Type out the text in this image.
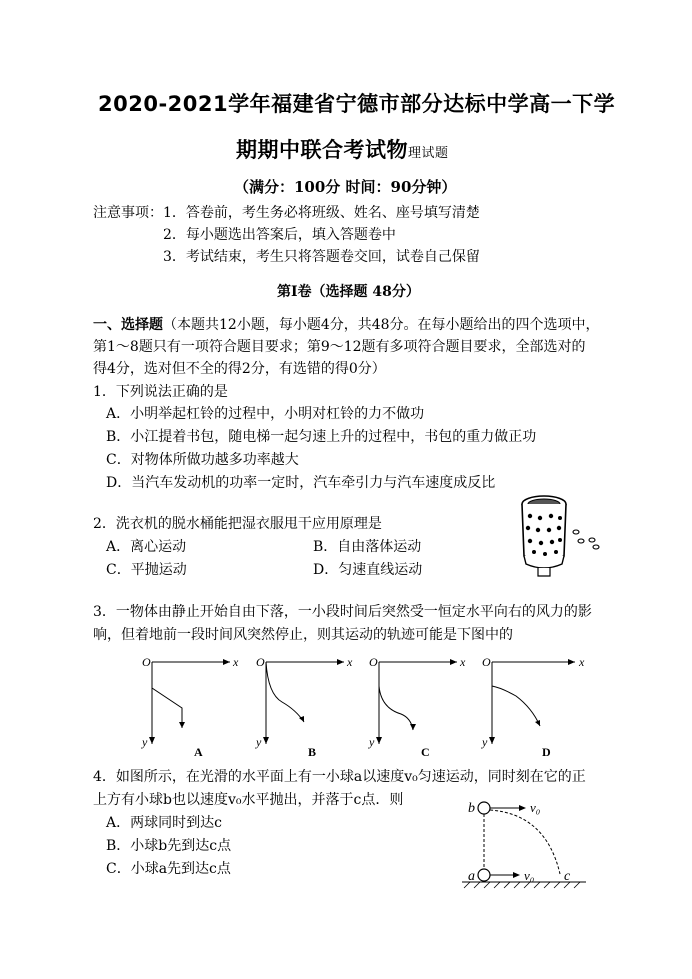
2020-2021学年福建省宁德市部分达标中学高一下学
期期中联合考试物理试题
（满分：100分 时间：90分钟）
注意事项：1．答卷前，考生务必将班级、姓名、座号填写清楚
2．每小题选出答案后，填入答题卷中
3．考试结束，考生只将答题卷交回，试卷自己保留
第Ⅰ卷（选择题 48分）
一、选择题（本题共12小题，每小题4分，共48分。在每小题给出的四个选项中，
第1～8题只有一项符合题目要求；第9～12题有多项符合题目要求，全部选对的
得4分，选对但不全的得2分，有选错的得0分）
1．下列说法正确的是
A．小明举起杠铃的过程中，小明对杠铃的力不做功
B．小江提着书包，随电梯一起匀速上升的过程中，书包的重力做正功
C．对物体所做功越多功率越大
D．当汽车发动机的功率一定时，汽车牵引力与汽车速度成反比
2．洗衣机的脱水桶能把湿衣服甩干应用原理是
A．离心运动	B．自由落体运动
C．平抛运动	D．匀速直线运动
3．一物体由静止开始自由下落，一小段时间后突然受一恒定水平向右的风力的影
响，但着地前一段时间风突然停止，则其运动的轨迹可能是下图中的
O	x
y
A
O	x
y
B
O	x
y
C
O	x
y
D
4．如图所示，在光滑的水平面上有一小球a以速度v₀匀速运动，同时刻在它的正
上方有小球b也以速度v₀水平抛出，并落于c点．则
A．两球同时到达c
B．小球b先到达c点
C．小球a先到达c点
b	v₀
a	v₀ c
